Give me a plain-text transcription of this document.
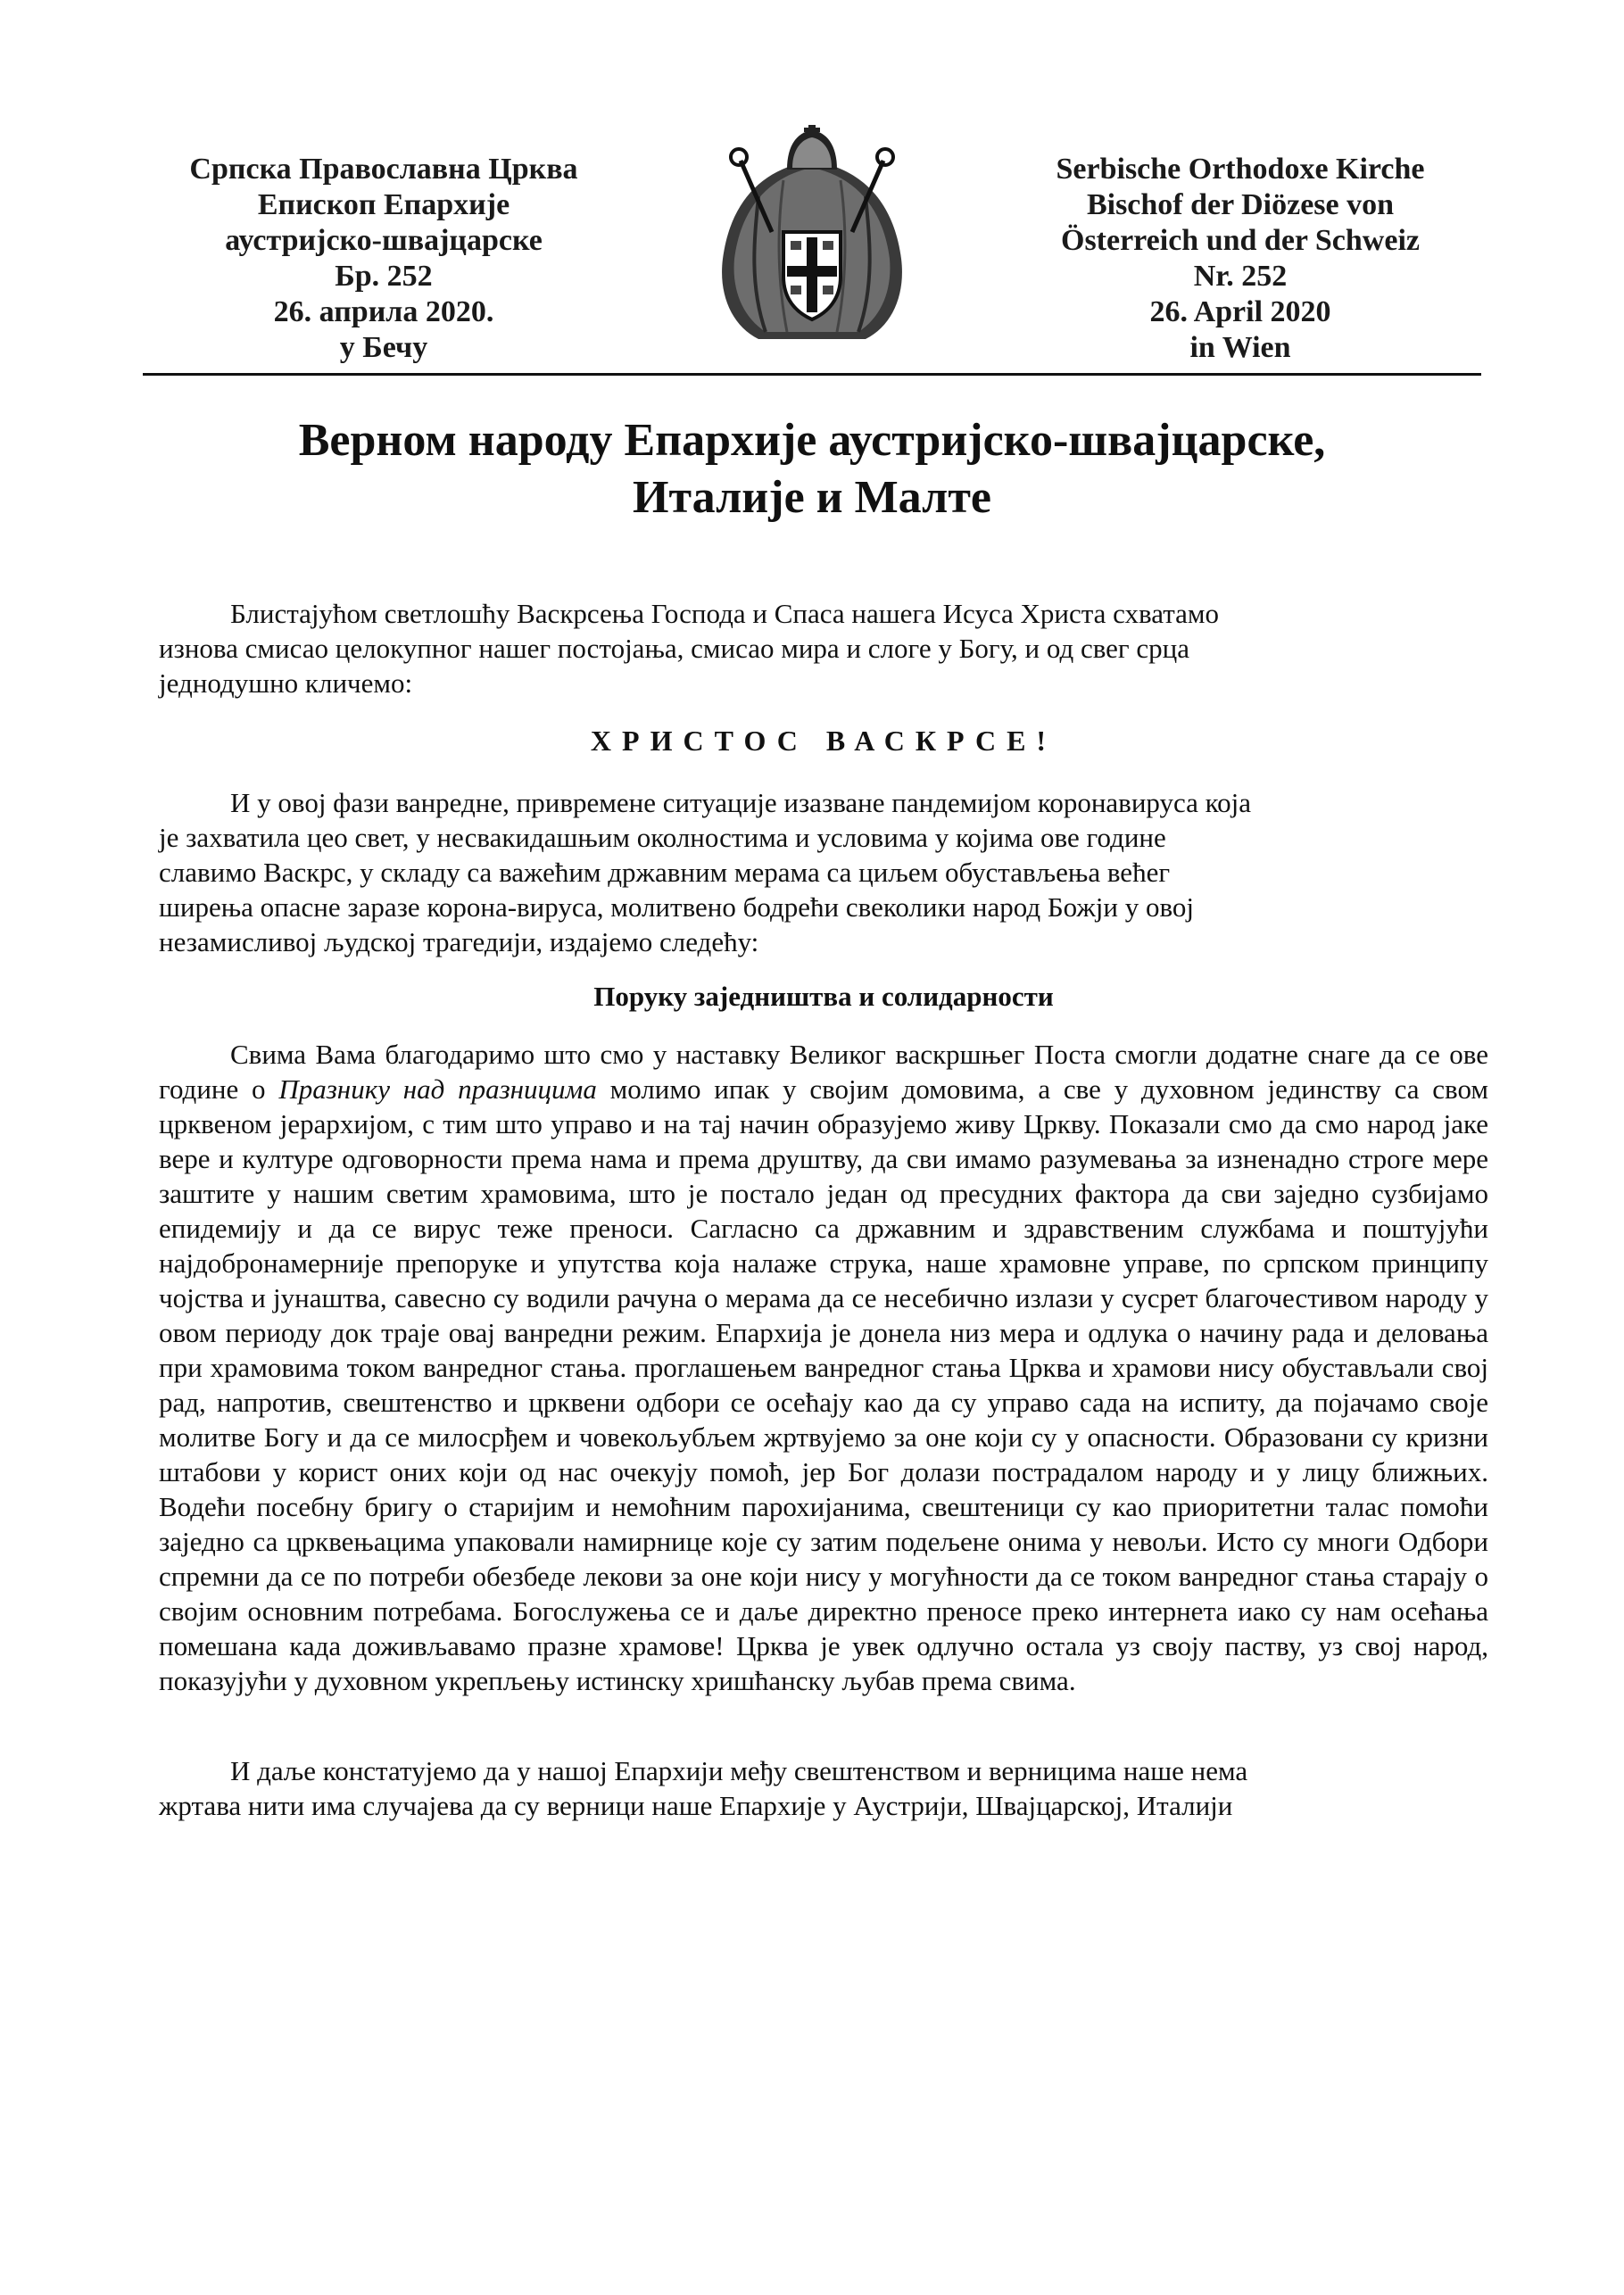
Српска Православна Црква
Епископ Епархије
аустријско-швајцарске
Бр. 252
26. априла 2020.
у Бечу
Serbische Orthodoxe Kirche
Bischof der Diözese von
Österreich und der Schweiz
Nr. 252
26. April 2020
in Wien
Верном народу Епархије аустријско-швајцарске,
Италије и Малте

Блистајућом светлошћу Васкрсења Господа и Спаса нашега Исуса Христа схватамо
изнова смисао целокупног нашег постојања, смисао мира и слоге у Богу, и од свег срца
једнодушно кличемо:

ХРИСТОС ВАСКРСЕ!

И у овој фази ванредне, привремене ситуације изазване пандемијом коронавируса која
је захватила цео свет, у несвакидашњим околностима и условима у којима ове године
славимо Васкрс, у складу са важећим државним мерама са циљем обустављења већег
ширења опасне заразе корона-вируса, молитвено бодрећи свеколики народ Божји у овој
незамисливој људској трагедији, издајемо следећу:

Поруку заједништва и солидарности

Свима Вама благодаримо што смо у наставку Великог васкршњег Поста смогли додатне снаге да се ове године о Празнику над празницима молимо ипак у својим домовима, а све у духовном јединству са свом црквеном јерархијом, с тим што управо и на тај начин образујемо живу Цркву. Показали смо да смо народ јаке вере и културе одговорности према нама и према друштву, да сви имамо разумевања за изненадно строге мере заштите у нашим светим храмовима, што је постало један од пресудних фактора да сви заједно сузбијамо епидемију и да се вирус теже преноси. Сагласно са државним и здравственим службама и поштујући најдобронамерније препоруке и упутства која налаже струка, наше храмовне управе, по српском принципу чојства и јунаштва, савесно су водили рачуна о мерама да се несебично излази у сусрет благочестивом народу у овом периоду док траје овај ванредни режим. Епархија је донела низ мера и одлука о начину рада и деловања при храмовима током ванредног стања. проглашењем ванредног стања Црква и храмови нису обустављали свој рад, напротив, свештенство и црквени одбори се осећају као да су управо сада на испиту, да појачамо своје молитве Богу и да се милосрђем и човекољубљем жртвујемо за оне који су у опасности. Образовани су кризни штабови у корист оних који од нас очекују помоћ, јер Бог долази пострадалом народу и у лицу ближњих. Водећи посебну бригу о старијим и немоћним парохијанима, свештеници су као приоритетни талас помоћи заједно са црквењацима упаковали намирнице које су затим подељене онима у невољи. Исто су многи Одбори спремни да се по потреби обезбеде лекови за оне који нису у могућности да се током ванредног стања старају о својим основним потребама. Богослужења се и даље директно преносе преко интернета иако су нам осећања помешана када доживљавамо празне храмове! Црква је увек одлучно остала уз своју паству, уз свој народ, показујући у духовном укрепљењу истинску хришћанску љубав према свима.

И даље констатујемо да у нашој Епархији међу свештенством и верницима наше нема
жртава нити има случајева да су верници наше Епархије у Аустрији, Швајцарској, Италији
